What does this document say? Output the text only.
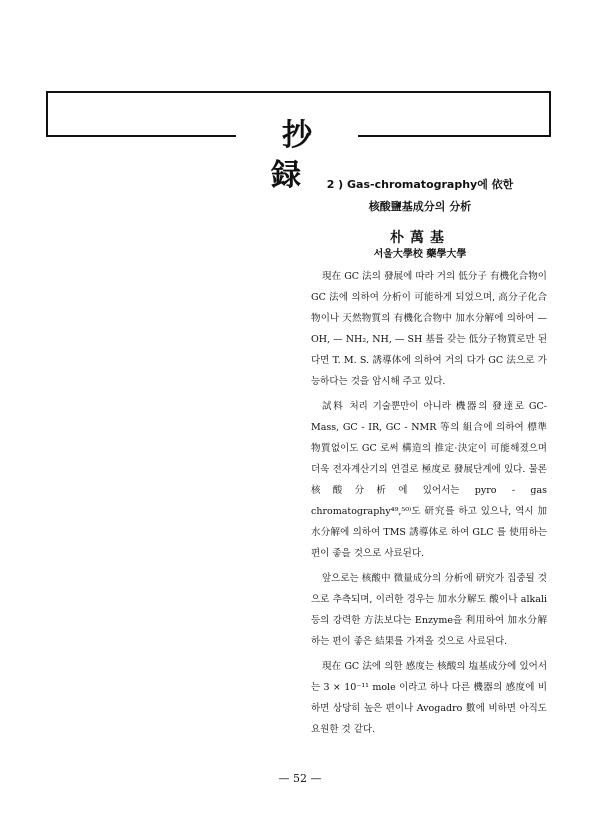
抄 録 2 ) Gas-chromatography에 依한
核酸鹽基成分의 分析
朴萬基
서울大學校 藥學大學

現在 GC 法의 發展에 따라 거의 低分子 有機化合物이 GC 法에 의하여 分析이 可能하게 되었으며, 高分子化合物이나 天然物質의 有機化合物中 加水分解에 의하여 — OH, — NH₂, NH, — SH 基를 갖는 低分子物質로만 된다면 T. M. S. 誘導体에 의하여 거의 다가 GC 法으로 가능하다는 것을 암시해 주고 있다.

試料 처리 기술뿐만이 아니라 機器의 發達로 GC-Mass, GC - IR, GC - NMR 等의 組合에 의하여 標準物質없이도 GC 로써 構造의 推定·決定이 可能해졌으며 더욱 전자계산기의 연결로 極度로 發展단계에 있다. 물론 核酸分析에 있어서는 pyro - gas chromatography⁴⁹,⁵⁰⁾도 研究를 하고 있으나, 역시 加水分解에 의하여 TMS 誘導体로 하여 GLC 를 使用하는 편이 좋을 것으로 사료된다.

앞으로는 核酸中 微量成分의 分析에 研究가 집중될 것으로 추측되며, 이러한 경우는 加水分解도 酸이나 alkali 등의 강력한 方法보다는 Enzyme을 利用하여 加水分解하는 편이 좋은 結果를 가져올 것으로 사료된다.

現在 GC 法에 의한 感度는 核酸의 塩基成分에 있어서는 3 × 10⁻¹¹ mole 이라고 하나 다른 機器의 感度에 비하면 상당히 높은 편이나 Avogadro 數에 비하면 아직도 요원한 것 같다.

— 52 —
